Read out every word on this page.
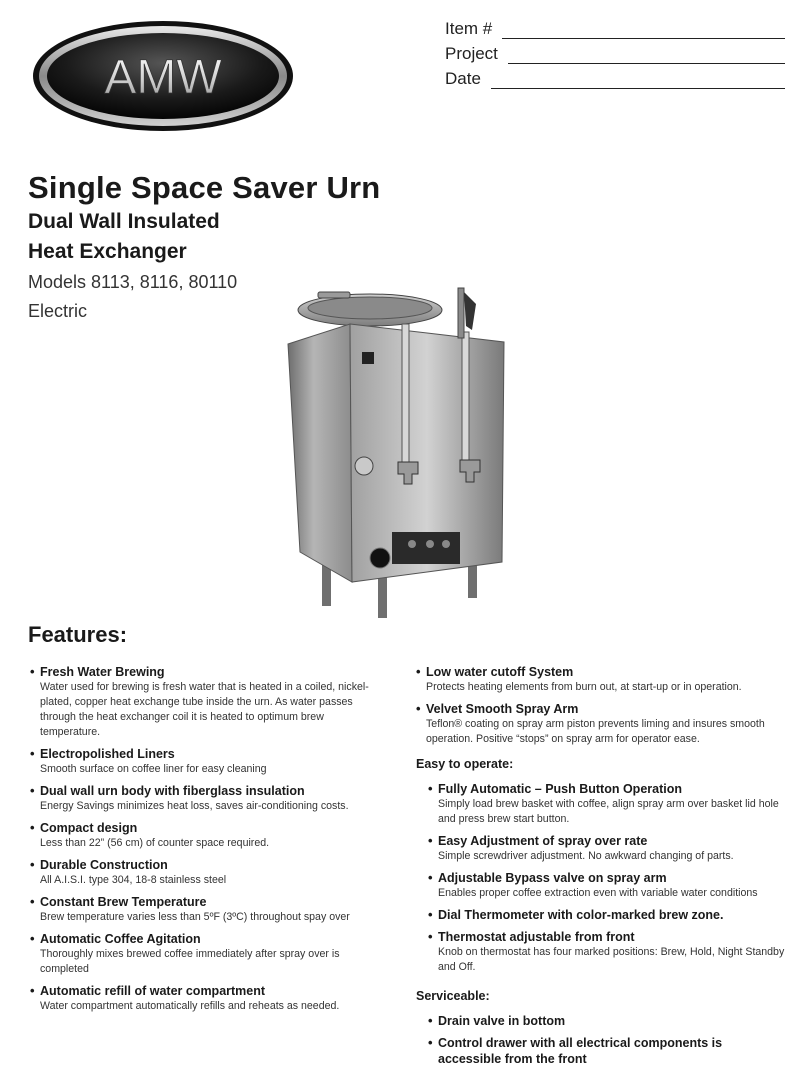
AMW
Item #
Project
Date
Single Space Saver Urn
Dual Wall Insulated
Heat Exchanger
Models 8113, 8116, 80110
Electric
Features:
• Fresh Water Brewing
Water used for brewing is fresh water that is heated in a coiled, nickel-plated, copper heat exchange tube inside the urn. As water passes through the heat exchanger coil it is heated to optimum brew temperature.
• Electropolished Liners
Smooth surface on coffee liner for easy cleaning
• Dual wall urn body with fiberglass insulation
Energy Savings minimizes heat loss, saves air-conditioning costs.
• Compact design
Less than 22” (56 cm) of counter space required.
• Durable Construction
All A.I.S.I. type 304, 18-8 stainless steel
• Constant Brew Temperature
Brew temperature varies less than 5ºF (3ºC) throughout spay over
• Automatic Coffee Agitation
Thoroughly mixes brewed coffee immediately after spray over is completed
• Automatic refill of water compartment
Water compartment automatically refills and reheats as needed.
• Low water cutoff System
Protects heating elements from burn out, at start-up or in operation.
• Velvet Smooth Spray Arm
Teflon® coating on spray arm piston prevents liming and insures smooth operation. Positive “stops” on spray arm for operator ease.
Easy to operate:
• Fully Automatic – Push Button Operation
Simply load brew basket with coffee, align spray arm over basket lid hole and press brew start button.
• Easy Adjustment of spray over rate
Simple screwdriver adjustment. No awkward changing of parts.
• Adjustable Bypass valve on spray arm
Enables proper coffee extraction even with variable water conditions
• Dial Thermometer with color-marked brew zone.
• Thermostat adjustable from front
Knob on thermostat has four marked positions: Brew, Hold, Night Standby and Off.
Serviceable:
• Drain valve in bottom
• Control drawer with all electrical components is accessible from the front
